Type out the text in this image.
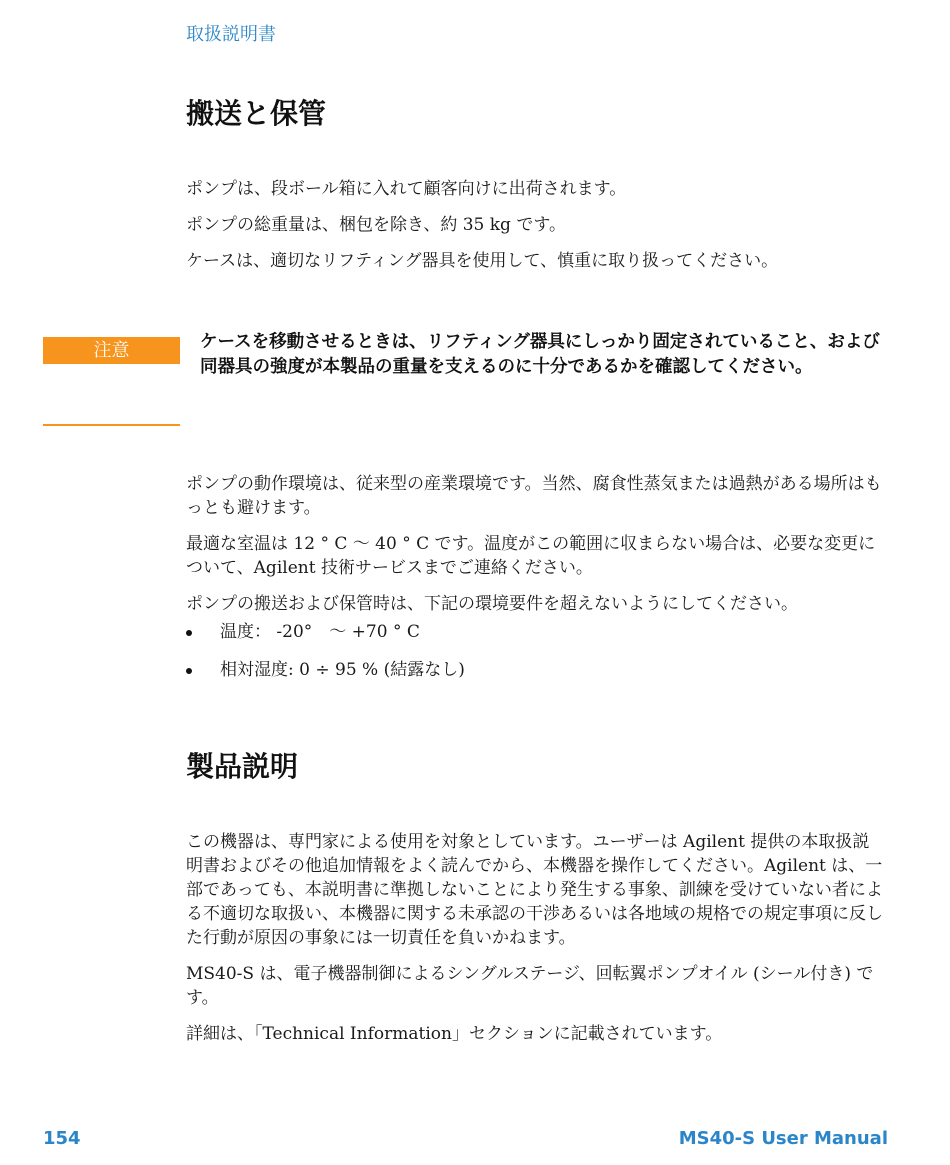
取扱説明書
搬送と保管

ポンプは、段ボール箱に入れて顧客向けに出荷されます。

ポンプの総重量は、梱包を除き、約 35 kg です。

ケースは、適切なリフティング器具を使用して、慎重に取り扱ってください。

注意	ケースを移動させるときは、リフティング器具にしっかり固定されていること、および同器具の強度が本製品の重量を支えるのに十分であるかを確認してください。

ポンプの動作環境は、従来型の産業環境です。当然、腐食性蒸気または過熱がある場所はもっとも避けます。

最適な室温は 12 ° C ～ 40 ° C です。温度がこの範囲に収まらない場合は、必要な変更について、Agilent 技術サービスまでご連絡ください。

ポンプの搬送および保管時は、下記の環境要件を超えないようにしてください。

温度： -20°　～ +70 ° C
相対湿度: 0 ÷ 95 % (結露なし)
製品説明

この機器は、専門家による使用を対象としています。ユーザーは Agilent 提供の本取扱説明書およびその他追加情報をよく読んでから、本機器を操作してください。Agilent は、一部であっても、本説明書に準拠しないことにより発生する事象、訓練を受けていない者による不適切な取扱い、本機器に関する未承認の干渉あるいは各地域の規格での規定事項に反した行動が原因の事象には一切責任を負いかねます。

MS40-S は、電子機器制御によるシングルステージ、回転翼ポンプオイル (シール付き) です。

詳細は、「Technical Information」セクションに記載されています。

154	MS40-S User Manual
